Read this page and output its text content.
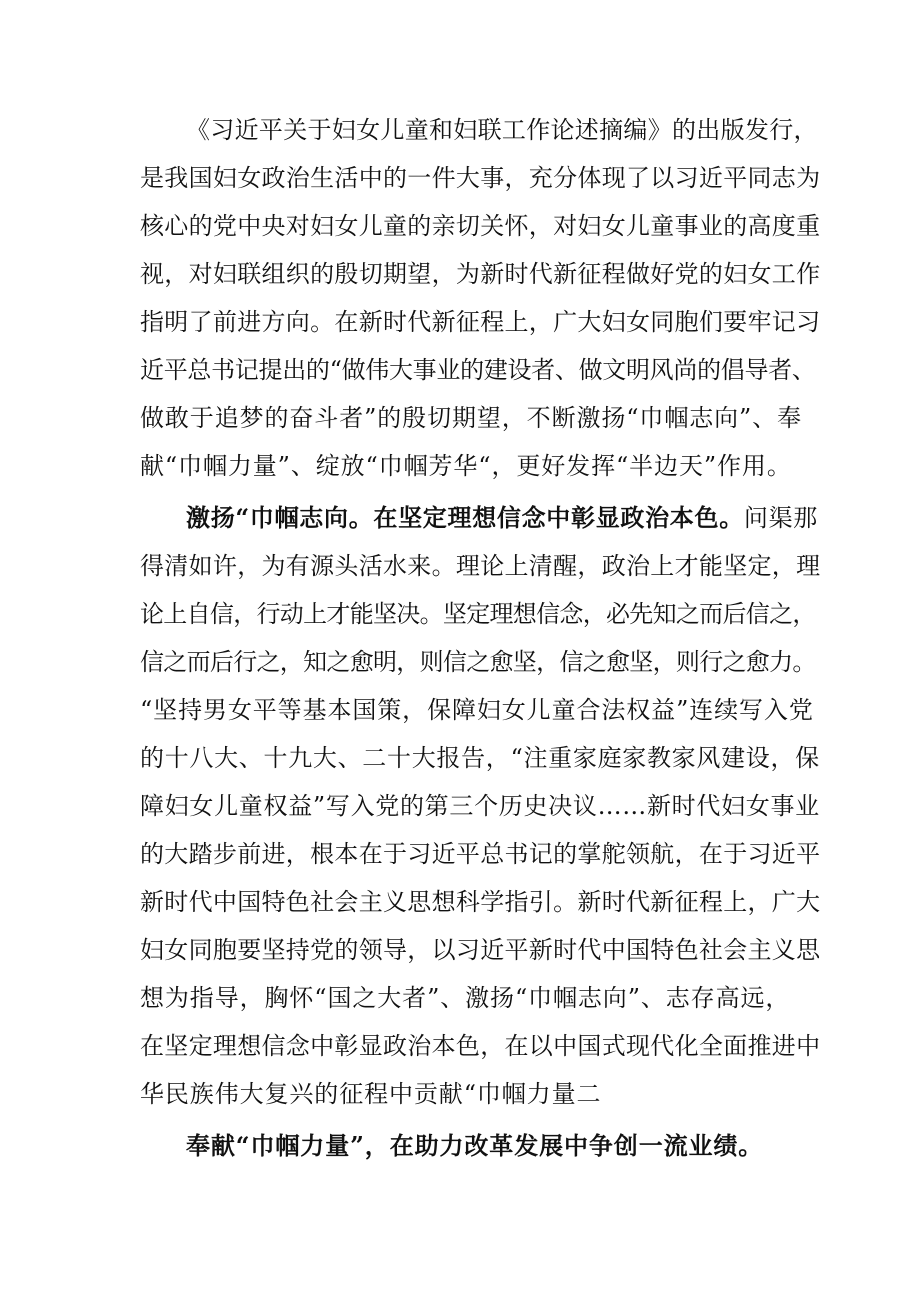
《习近平关于妇女儿童和妇联工作论述摘编》的出版发行，
是我国妇女政治生活中的一件大事，充分体现了以习近平同志为
核心的党中央对妇女儿童的亲切关怀，对妇女儿童事业的高度重
视，对妇联组织的殷切期望，为新时代新征程做好党的妇女工作
指明了前进方向。在新时代新征程上，广大妇女同胞们要牢记习
近平总书记提出的“做伟大事业的建设者、做文明风尚的倡导者、
做敢于追梦的奋斗者”的殷切期望，不断激扬“巾帼志向”、奉
献“巾帼力量”、绽放“巾帼芳华“，更好发挥“半边天”作用。
激扬“巾帼志向。在坚定理想信念中彰显政治本色。问渠那
得清如许，为有源头活水来。理论上清醒，政治上才能坚定，理
论上自信，行动上才能坚决。坚定理想信念，必先知之而后信之，
信之而后行之，知之愈明，则信之愈坚，信之愈坚，则行之愈力。
“坚持男女平等基本国策，保障妇女儿童合法权益”连续写入党
的十八大、十九大、二十大报告，“注重家庭家教家风建设，保
障妇女儿童权益”写入党的第三个历史决议……新时代妇女事业
的大踏步前进，根本在于习近平总书记的掌舵领航，在于习近平
新时代中国特色社会主义思想科学指引。新时代新征程上，广大
妇女同胞要坚持党的领导，以习近平新时代中国特色社会主义思
想为指导，胸怀“国之大者”、激扬“巾帼志向”、志存高远，
在坚定理想信念中彰显政治本色，在以中国式现代化全面推进中
华民族伟大复兴的征程中贡献“巾帼力量二
奉献“巾帼力量”，在助力改革发展中争创一流业绩。
